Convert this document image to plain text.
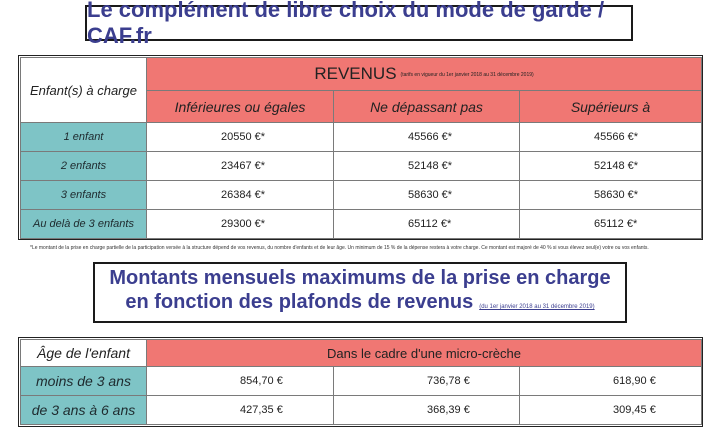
Le complément de libre choix du mode de garde / CAF.fr
Enfant(s) à charge	REVENUS (tarifs en vigueur du 1er janvier 2018 au 31 décembre 2019)		
	Inférieures ou égales	Ne dépassant pas	Supérieurs à
1 enfant	20550 €*	45566 €*	45566 €*
2 enfants	23467 €*	52148 €*	52148 €*
3 enfants	26384 €*	58630 €*	58630 €*
Au delà de 3 enfants	29300 €*	65112 €*	65112 €*
*Le montant de la prise en charge partielle de la participation versée à la structure dépend de vos revenus, du nombre d'enfants et de leur âge. Un minimum de 15 % de la dépense restera à votre charge. Ce montant est majoré de 40 % si vous élevez seul(e) votre ou vos enfants.
Montants mensuels maximums de la prise en charge
en fonction des plafonds de revenus (du 1er janvier 2018 au 31 décembre 2019)
Âge de l'enfant	Dans le cadre d'une micro-crèche		
moins de 3 ans	854,70 €	736,78 €	618,90 €
de 3 ans à 6 ans	427,35 €	368,39 €	309,45 €
